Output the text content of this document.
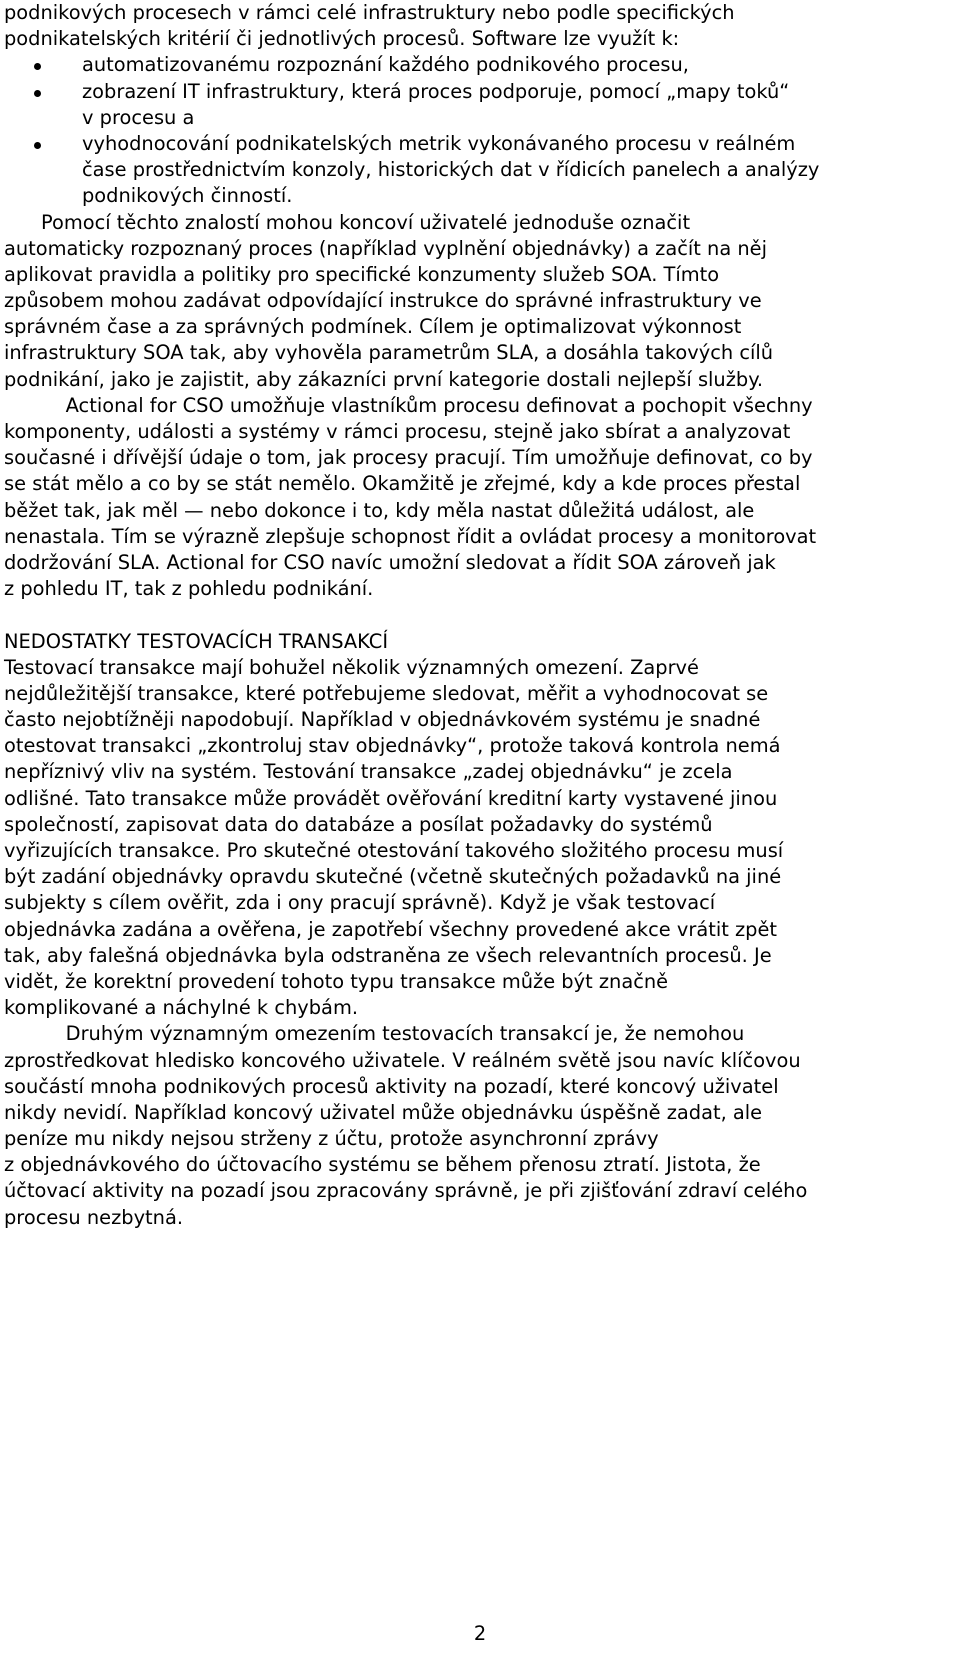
podnikových procesech v rámci celé infrastruktury nebo podle specifických
podnikatelských kritérií či jednotlivých procesů. Software lze využít k:
automatizovanému rozpoznání každého podnikového procesu,
zobrazení IT infrastruktury, která proces podporuje, pomocí „mapy toků“
v procesu a
vyhodnocování podnikatelských metrik vykonávaného procesu v reálném
čase prostřednictvím konzoly, historických dat v řídicích panelech a analýzy
podnikových činností.
Pomocí těchto znalostí mohou koncoví uživatelé jednoduše označit
automaticky rozpoznaný proces (například vyplnění objednávky) a začít na něj
aplikovat pravidla a politiky pro specifické konzumenty služeb SOA. Tímto
způsobem mohou zadávat odpovídající instrukce do správné infrastruktury ve
správném čase a za správných podmínek. Cílem je optimalizovat výkonnost
infrastruktury SOA tak, aby vyhověla parametrům SLA, a dosáhla takových cílů
podnikání, jako je zajistit, aby zákazníci první kategorie dostali nejlepší služby.
Actional for CSO umožňuje vlastníkům procesu definovat a pochopit všechny
komponenty, události a systémy v rámci procesu, stejně jako sbírat a analyzovat
současné i dřívější údaje o tom, jak procesy pracují. Tím umožňuje definovat, co by
se stát mělo a co by se stát nemělo. Okamžitě je zřejmé, kdy a kde proces přestal
běžet tak, jak měl — nebo dokonce i to, kdy měla nastat důležitá událost, ale
nenastala. Tím se výrazně zlepšuje schopnost řídit a ovládat procesy a monitorovat
dodržování SLA. Actional for CSO navíc umožní sledovat a řídit SOA zároveň jak
z pohledu IT, tak z pohledu podnikání.
NEDOSTATKY TESTOVACÍCH TRANSAKCÍ
Testovací transakce mají bohužel několik významných omezení. Zaprvé
nejdůležitější transakce, které potřebujeme sledovat, měřit a vyhodnocovat se
často nejobtížněji napodobují. Například v objednávkovém systému je snadné
otestovat transakci „zkontroluj stav objednávky“, protože taková kontrola nemá
nepříznivý vliv na systém. Testování transakce „zadej objednávku“ je zcela
odlišné. Tato transakce může provádět ověřování kreditní karty vystavené jinou
společností, zapisovat data do databáze a posílat požadavky do systémů
vyřizujících transakce. Pro skutečné otestování takového složitého procesu musí
být zadání objednávky opravdu skutečné (včetně skutečných požadavků na jiné
subjekty s cílem ověřit, zda i ony pracují správně). Když je však testovací
objednávka zadána a ověřena, je zapotřebí všechny provedené akce vrátit zpět
tak, aby falešná objednávka byla odstraněna ze všech relevantních procesů. Je
vidět, že korektní provedení tohoto typu transakce může být značně
komplikované a náchylné k chybám.
Druhým významným omezením testovacích transakcí je, že nemohou
zprostředkovat hledisko koncového uživatele. V reálném světě jsou navíc klíčovou
součástí mnoha podnikových procesů aktivity na pozadí, které koncový uživatel
nikdy nevidí. Například koncový uživatel může objednávku úspěšně zadat, ale
peníze mu nikdy nejsou strženy z účtu, protože asynchronní zprávy
z objednávkového do účtovacího systému se během přenosu ztratí. Jistota, že
účtovací aktivity na pozadí jsou zpracovány správně, je při zjišťování zdraví celého
procesu nezbytná.
2
